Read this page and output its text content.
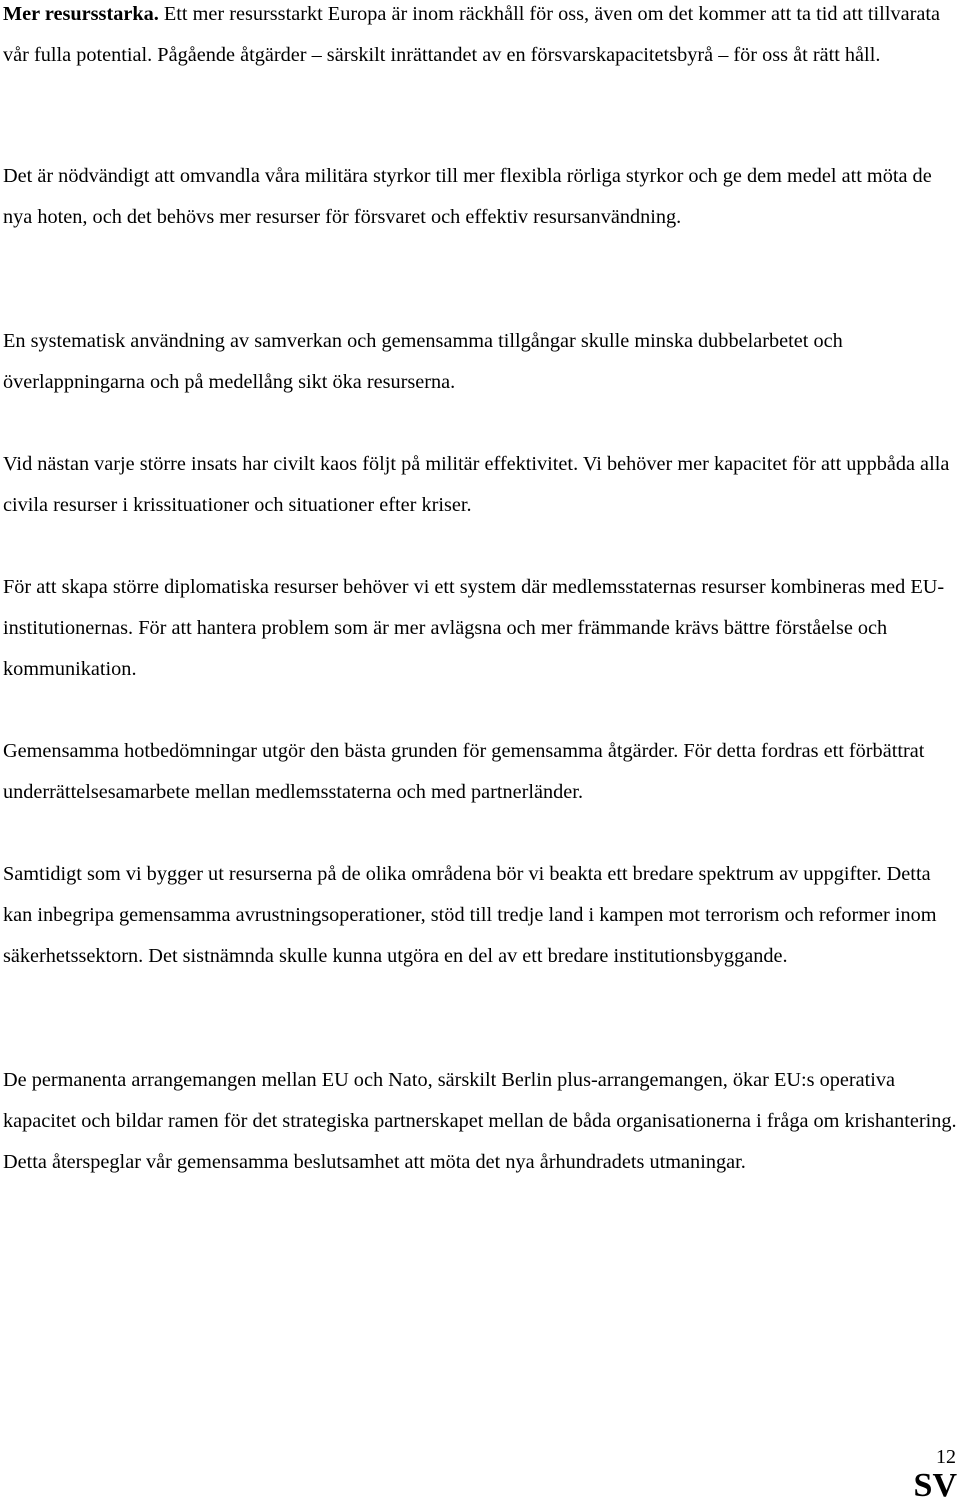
Mer resursstarka. Ett mer resursstarkt Europa är inom räckhåll för oss, även om det kommer att ta tid att tillvarata vår fulla potential. Pågående åtgärder – särskilt inrättandet av en försvarskapacitetsbyrå – för oss åt rätt håll.

Det är nödvändigt att omvandla våra militära styrkor till mer flexibla rörliga styrkor och ge dem medel att möta de nya hoten, och det behövs mer resurser för försvaret och effektiv resursanvändning.

En systematisk användning av samverkan och gemensamma tillgångar skulle minska dubbelarbetet och överlappningarna och på medellång sikt öka resurserna.

Vid nästan varje större insats har civilt kaos följt på militär effektivitet. Vi behöver mer kapacitet för att uppbåda alla civila resurser i krissituationer och situationer efter kriser.

För att skapa större diplomatiska resurser behöver vi ett system där medlemsstaternas resurser kombineras med EU-institutionernas. För att hantera problem som är mer avlägsna och mer främmande krävs bättre förståelse och kommunikation.

Gemensamma hotbedömningar utgör den bästa grunden för gemensamma åtgärder. För detta fordras ett förbättrat underrättelsesamarbete mellan medlemsstaterna och med partnerländer.

Samtidigt som vi bygger ut resurserna på de olika områdena bör vi beakta ett bredare spektrum av uppgifter. Detta kan inbegripa gemensamma avrustningsoperationer, stöd till tredje land i kampen mot terrorism och reformer inom säkerhetssektorn. Det sistnämnda skulle kunna utgöra en del av ett bredare institutionsbyggande.

De permanenta arrangemangen mellan EU och Nato, särskilt Berlin plus-arrangemangen, ökar EU:s operativa kapacitet och bildar ramen för det strategiska partnerskapet mellan de båda organisationerna i fråga om krishantering. Detta återspeglar vår gemensamma beslutsamhet att möta det nya århundradets utmaningar.

12
SV
